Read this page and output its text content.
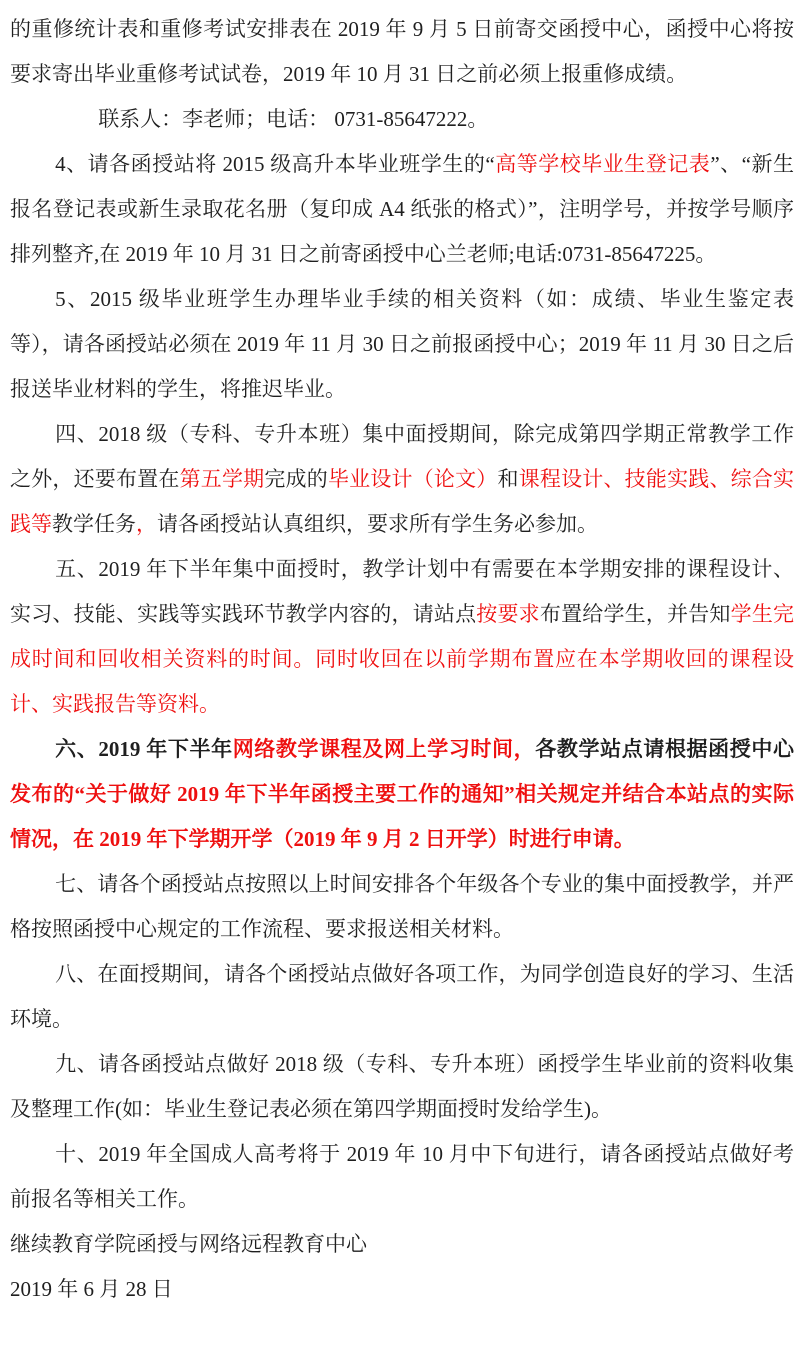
的重修统计表和重修考试安排表在 2019 年 9 月 5 日前寄交函授中心，函授中心将按要求寄出毕业重修考试试卷，2019 年 10 月 31 日之前必须上报重修成绩。

联系人：李老师；电话： 0731-85647222。

4、请各函授站将 2015 级高升本毕业班学生的“高等学校毕业生登记表”、“新生报名登记表或新生录取花名册（复印成 A4 纸张的格式）”，注明学号，并按学号顺序排列整齐,在 2019 年 10 月 31 日之前寄函授中心兰老师;电话:0731-85647225。

5、2015 级毕业班学生办理毕业手续的相关资料（如：成绩、毕业生鉴定表等），请各函授站必须在 2019 年 11 月 30 日之前报函授中心；2019 年 11 月 30 日之后报送毕业材料的学生，将推迟毕业。

四、2018 级（专科、专升本班）集中面授期间，除完成第四学期正常教学工作之外，还要布置在第五学期完成的毕业设计（论文）和课程设计、技能实践、综合实践等教学任务，请各函授站认真组织，要求所有学生务必参加。

五、2019 年下半年集中面授时，教学计划中有需要在本学期安排的课程设计、实习、技能、实践等实践环节教学内容的，请站点按要求布置给学生，并告知学生完成时间和回收相关资料的时间。同时收回在以前学期布置应在本学期收回的课程设计、实践报告等资料。

六、2019 年下半年网络教学课程及网上学习时间，各教学站点请根据函授中心发布的“关于做好 2019 年下半年函授主要工作的通知”相关规定并结合本站点的实际情况，在 2019 年下学期开学（2019 年 9 月 2 日开学）时进行申请。

七、请各个函授站点按照以上时间安排各个年级各个专业的集中面授教学，并严格按照函授中心规定的工作流程、要求报送相关材料。

八、在面授期间，请各个函授站点做好各项工作，为同学创造良好的学习、生活环境。

九、请各函授站点做好 2018 级（专科、专升本班）函授学生毕业前的资料收集及整理工作(如：毕业生登记表必须在第四学期面授时发给学生)。

十、2019 年全国成人高考将于 2019 年 10 月中下旬进行，请各函授站点做好考前报名等相关工作。

继续教育学院函授与网络远程教育中心

2019 年 6 月 28 日
